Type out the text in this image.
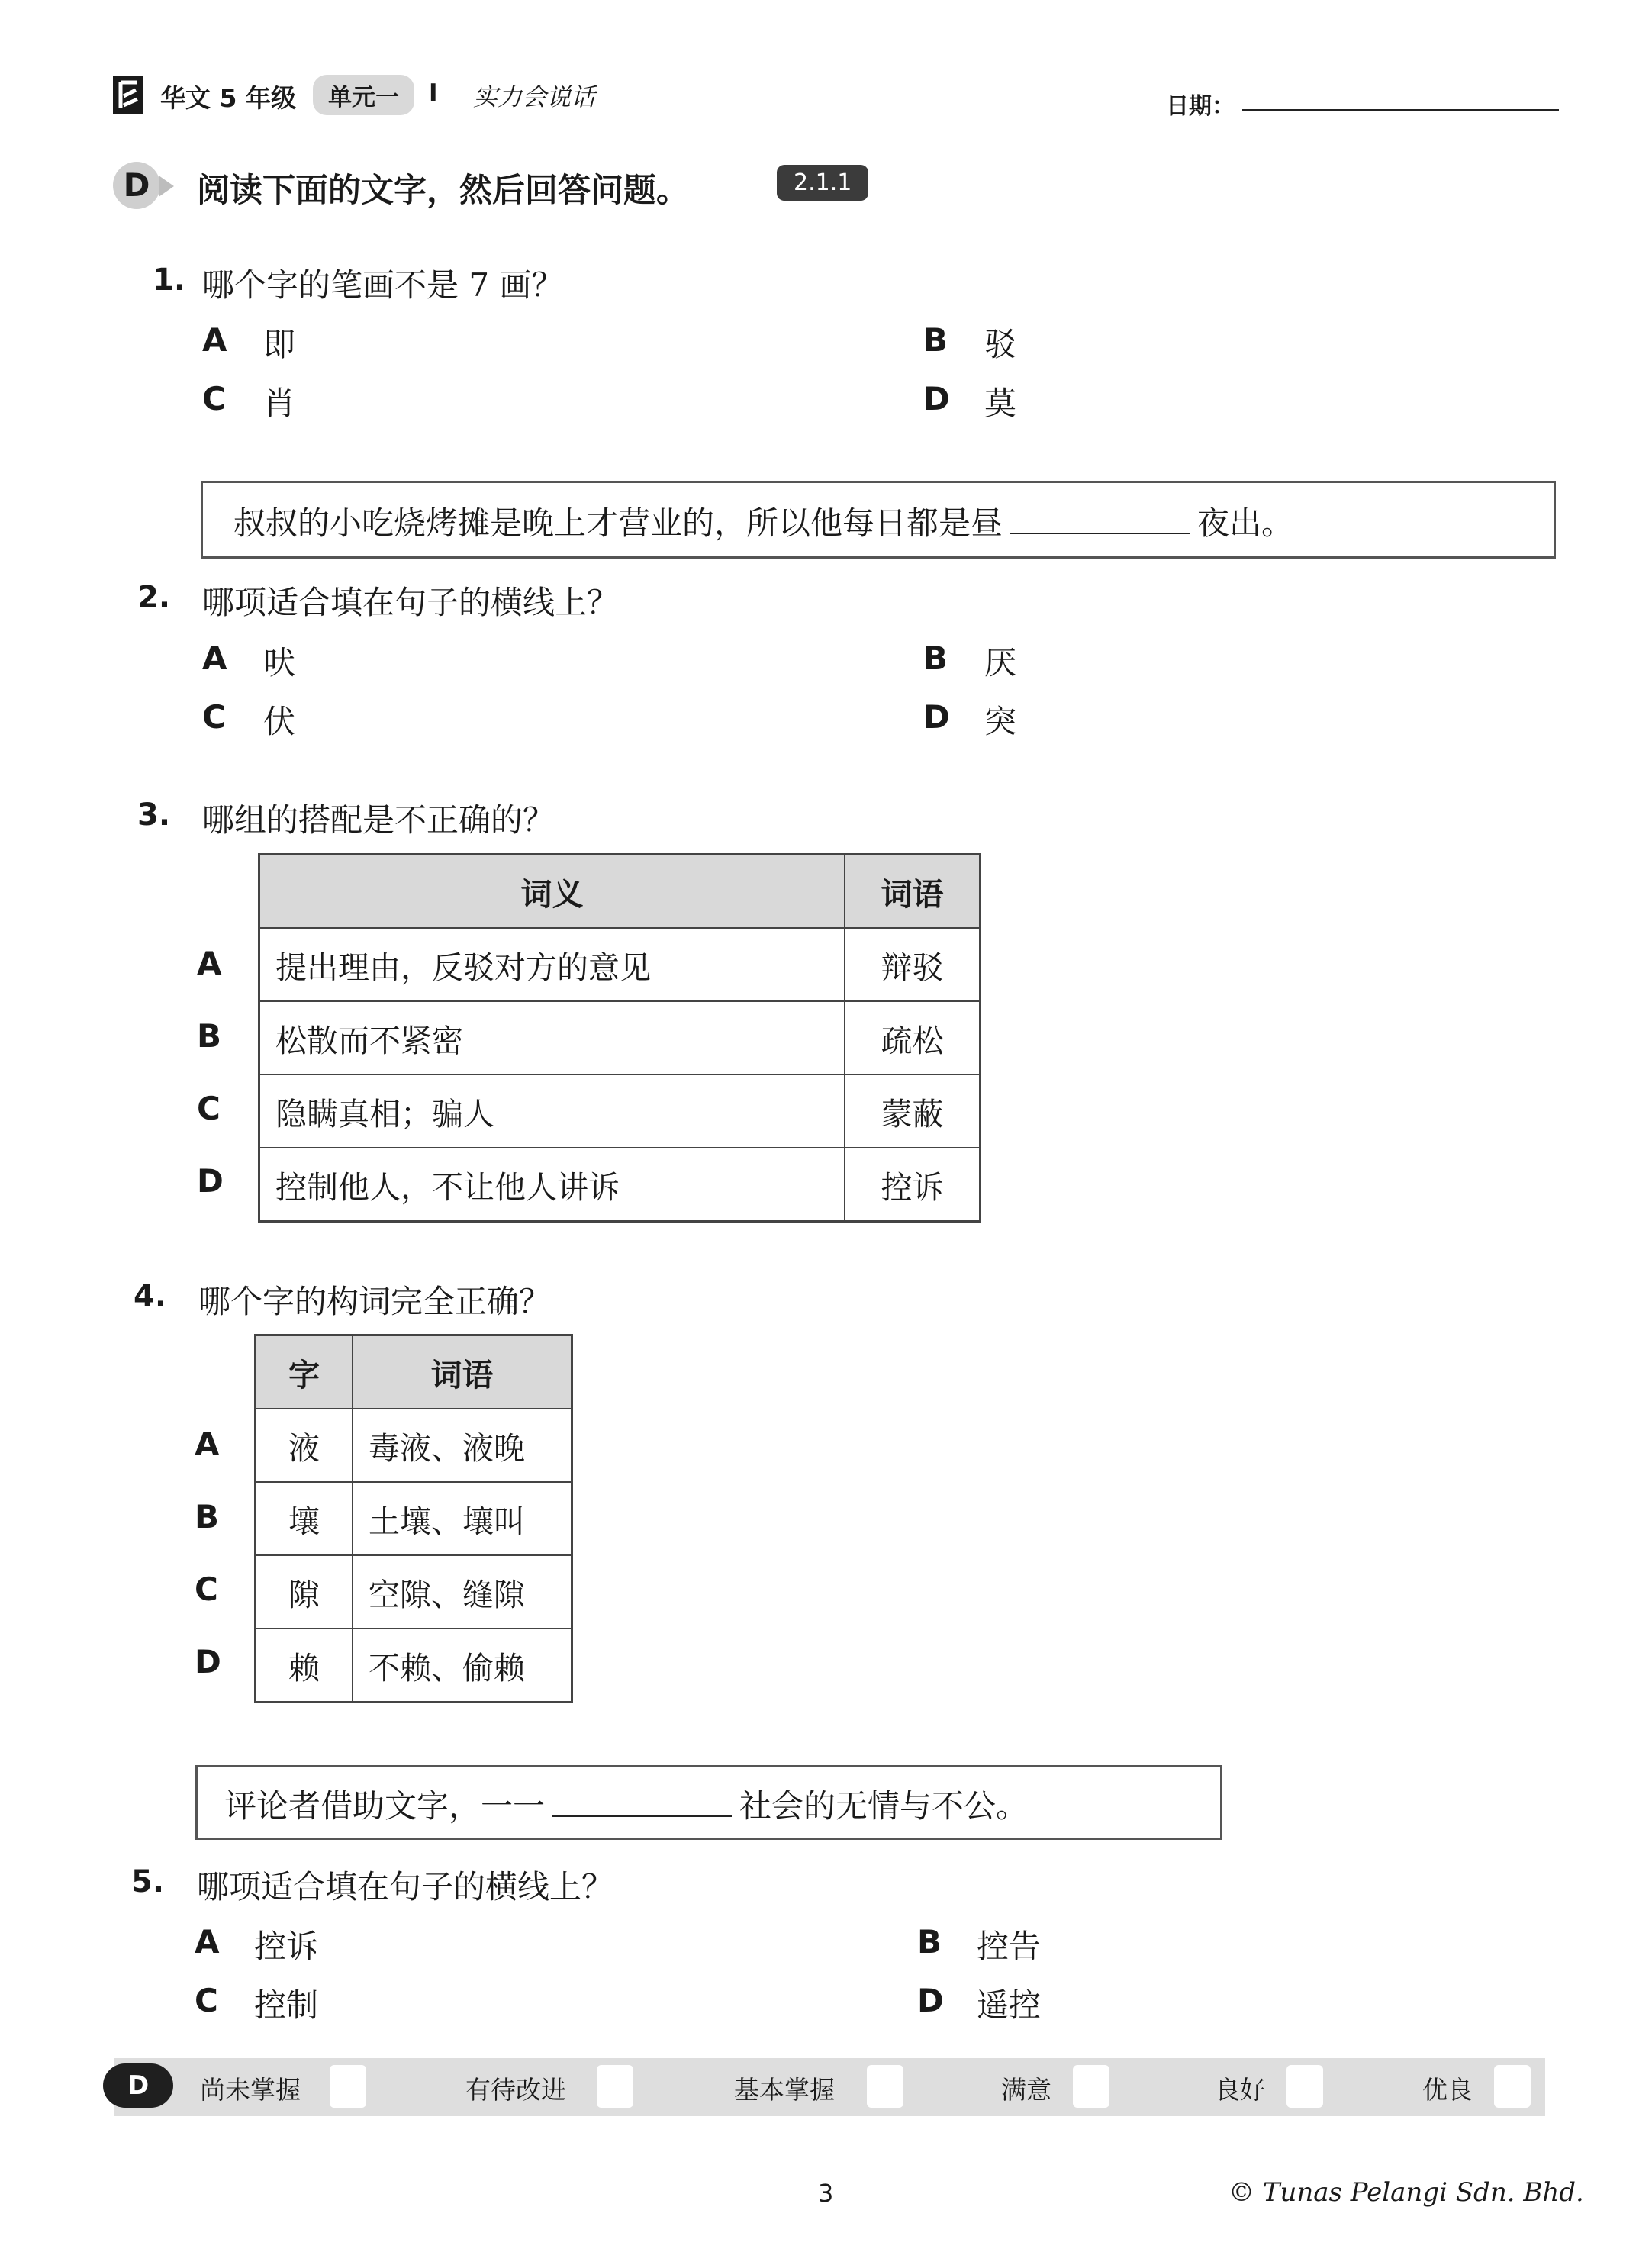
华文 5 年级	单元一	I 实力会说话	日期：
D	阅读下面的文字，然后回答问题。	2.1.1
1. 哪个字的笔画不是 7 画？
A 即	B 驳
C 肖	D 莫
叔叔的小吃烧烤摊是晚上才营业的，所以他每日都是昼	夜出。
2. 哪项适合填在句子的横线上？
A 吠	B 厌
C 伏	D 突
3. 哪组的搭配是不正确的？
A
B
C
D
词义	词语
提出理由，反驳对方的意见	辩驳
松散而不紧密	疏松
隐瞒真相；骗人	蒙蔽
控制他人，不让他人讲诉	控诉
4. 哪个字的构词完全正确？
A
B
C
D
字	词语
液	毒液、液晚
壤	土壤、壤叫
隙	空隙、缝隙
赖	不赖、偷赖
评论者借助文字，一一	社会的无情与不公。
5. 哪项适合填在句子的横线上？
A 控诉	B 控告
C 控制	D 遥控
D	尚未掌握	有待改进	基本掌握	满意	良好	优良
3	© Tunas Pelangi Sdn. Bhd.
